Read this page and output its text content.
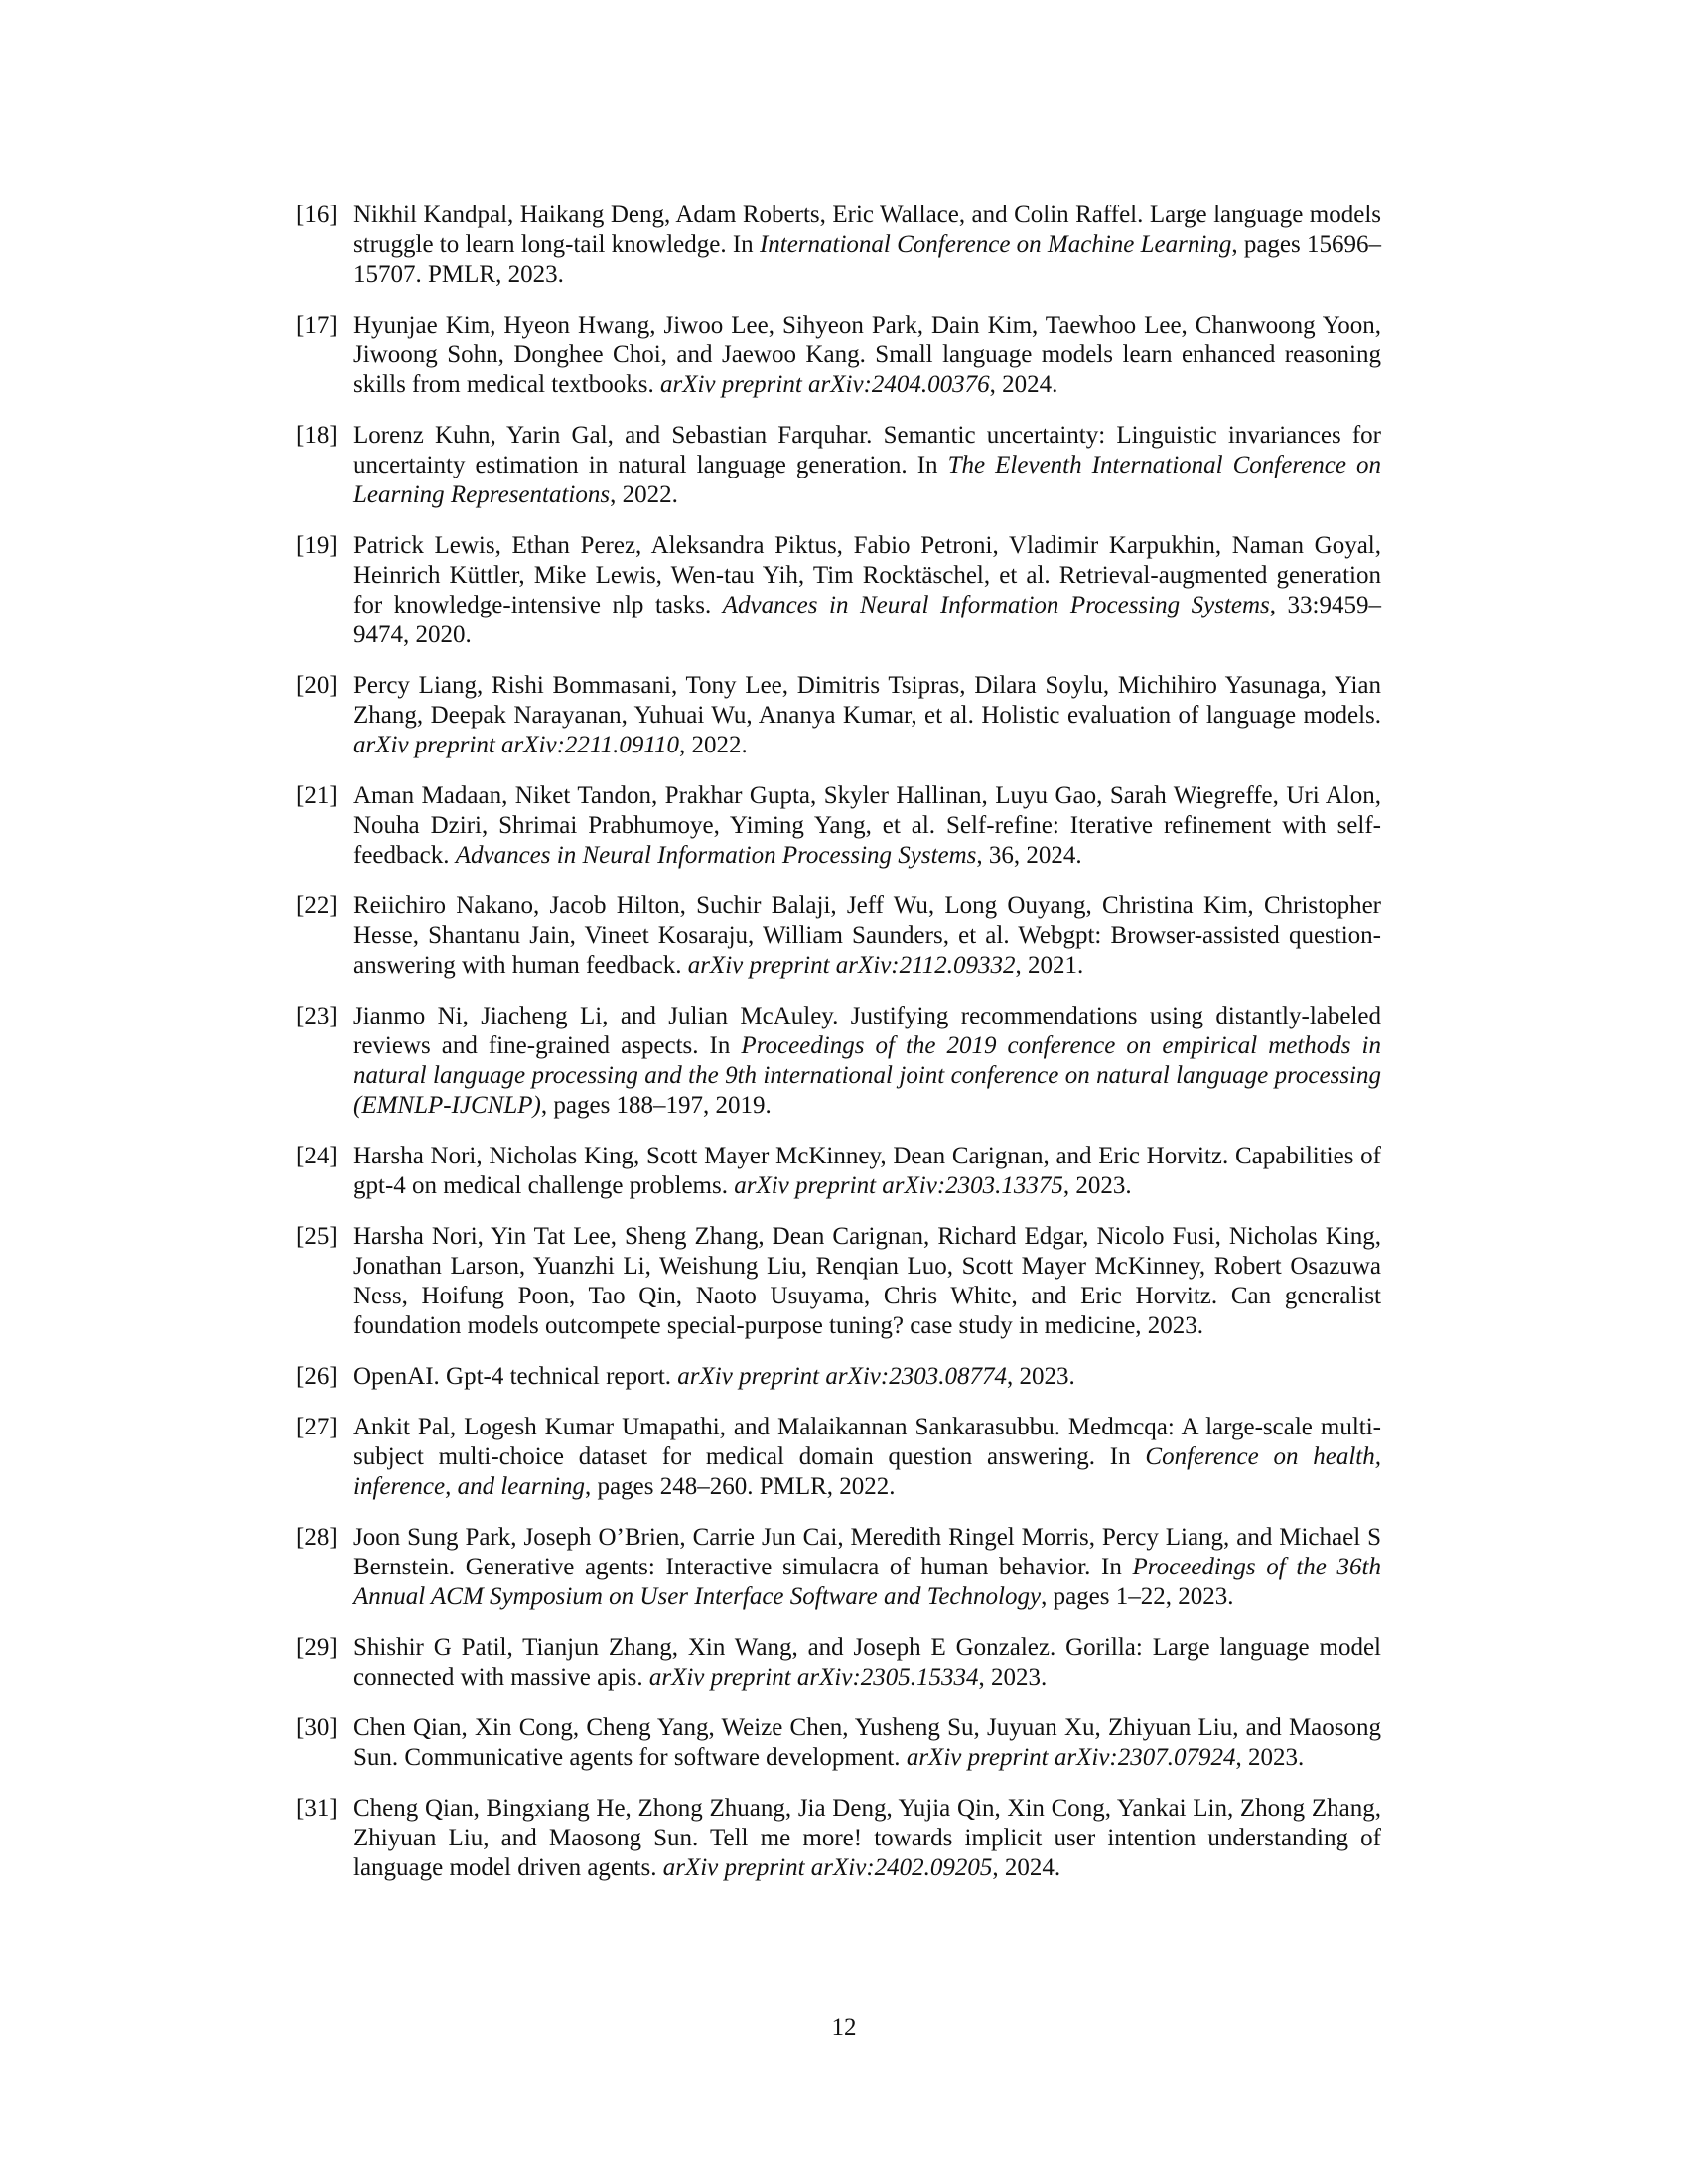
[16] Nikhil Kandpal, Haikang Deng, Adam Roberts, Eric Wallace, and Colin Raffel. Large language models struggle to learn long-tail knowledge. In International Conference on Machine Learning, pages 15696–15707. PMLR, 2023.
[17] Hyunjae Kim, Hyeon Hwang, Jiwoo Lee, Sihyeon Park, Dain Kim, Taewhoo Lee, Chanwoong Yoon, Jiwoong Sohn, Donghee Choi, and Jaewoo Kang. Small language models learn enhanced reasoning skills from medical textbooks. arXiv preprint arXiv:2404.00376, 2024.
[18] Lorenz Kuhn, Yarin Gal, and Sebastian Farquhar. Semantic uncertainty: Linguistic invariances for uncertainty estimation in natural language generation. In The Eleventh International Conference on Learning Representations, 2022.
[19] Patrick Lewis, Ethan Perez, Aleksandra Piktus, Fabio Petroni, Vladimir Karpukhin, Naman Goyal, Heinrich Küttler, Mike Lewis, Wen-tau Yih, Tim Rocktäschel, et al. Retrieval-augmented generation for knowledge-intensive nlp tasks. Advances in Neural Information Processing Systems, 33:9459–9474, 2020.
[20] Percy Liang, Rishi Bommasani, Tony Lee, Dimitris Tsipras, Dilara Soylu, Michihiro Yasunaga, Yian Zhang, Deepak Narayanan, Yuhuai Wu, Ananya Kumar, et al. Holistic evaluation of language models. arXiv preprint arXiv:2211.09110, 2022.
[21] Aman Madaan, Niket Tandon, Prakhar Gupta, Skyler Hallinan, Luyu Gao, Sarah Wiegreffe, Uri Alon, Nouha Dziri, Shrimai Prabhumoye, Yiming Yang, et al. Self-refine: Iterative refinement with self-feedback. Advances in Neural Information Processing Systems, 36, 2024.
[22] Reiichiro Nakano, Jacob Hilton, Suchir Balaji, Jeff Wu, Long Ouyang, Christina Kim, Christopher Hesse, Shantanu Jain, Vineet Kosaraju, William Saunders, et al. Webgpt: Browser-assisted question-answering with human feedback. arXiv preprint arXiv:2112.09332, 2021.
[23] Jianmo Ni, Jiacheng Li, and Julian McAuley. Justifying recommendations using distantly-labeled reviews and fine-grained aspects. In Proceedings of the 2019 conference on empirical methods in natural language processing and the 9th international joint conference on natural language processing (EMNLP-IJCNLP), pages 188–197, 2019.
[24] Harsha Nori, Nicholas King, Scott Mayer McKinney, Dean Carignan, and Eric Horvitz. Capabilities of gpt-4 on medical challenge problems. arXiv preprint arXiv:2303.13375, 2023.
[25] Harsha Nori, Yin Tat Lee, Sheng Zhang, Dean Carignan, Richard Edgar, Nicolo Fusi, Nicholas King, Jonathan Larson, Yuanzhi Li, Weishung Liu, Renqian Luo, Scott Mayer McKinney, Robert Osazuwa Ness, Hoifung Poon, Tao Qin, Naoto Usuyama, Chris White, and Eric Horvitz. Can generalist foundation models outcompete special-purpose tuning? case study in medicine, 2023.
[26] OpenAI. Gpt-4 technical report. arXiv preprint arXiv:2303.08774, 2023.
[27] Ankit Pal, Logesh Kumar Umapathi, and Malaikannan Sankarasubbu. Medmcqa: A large-scale multi-subject multi-choice dataset for medical domain question answering. In Conference on health, inference, and learning, pages 248–260. PMLR, 2022.
[28] Joon Sung Park, Joseph O’Brien, Carrie Jun Cai, Meredith Ringel Morris, Percy Liang, and Michael S Bernstein. Generative agents: Interactive simulacra of human behavior. In Proceedings of the 36th Annual ACM Symposium on User Interface Software and Technology, pages 1–22, 2023.
[29] Shishir G Patil, Tianjun Zhang, Xin Wang, and Joseph E Gonzalez. Gorilla: Large language model connected with massive apis. arXiv preprint arXiv:2305.15334, 2023.
[30] Chen Qian, Xin Cong, Cheng Yang, Weize Chen, Yusheng Su, Juyuan Xu, Zhiyuan Liu, and Maosong Sun. Communicative agents for software development. arXiv preprint arXiv:2307.07924, 2023.
[31] Cheng Qian, Bingxiang He, Zhong Zhuang, Jia Deng, Yujia Qin, Xin Cong, Yankai Lin, Zhong Zhang, Zhiyuan Liu, and Maosong Sun. Tell me more! towards implicit user intention understanding of language model driven agents. arXiv preprint arXiv:2402.09205, 2024.
12
